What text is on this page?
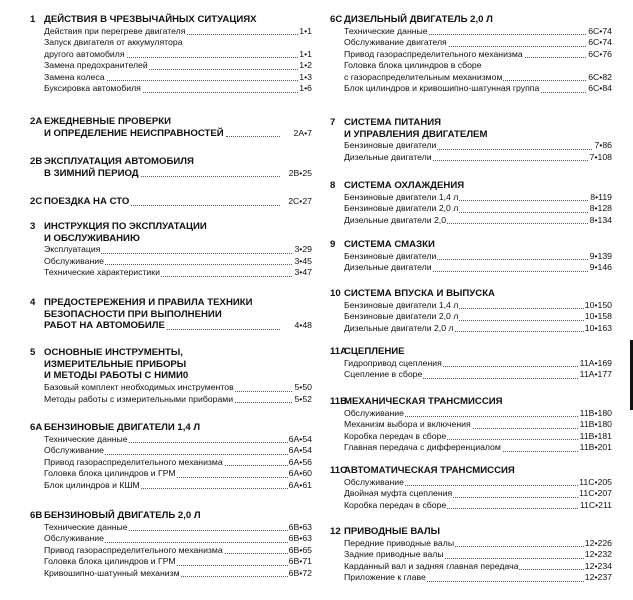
1 ДЕЙСТВИЯ В ЧРЕЗВЫЧАЙНЫХ СИТУАЦИЯХ
Действия при перегреве двигателя	1•1
Запуск двигателя от аккумулятора
другого автомобиля	1•1
Замена предохранителей	1•2
Замена колеса	1•3
Буксировка автомобиля	1•6
2A ЕЖЕДНЕВНЫЕ ПРОВЕРКИ
И ОПРЕДЕЛЕНИЕ НЕИСПРАВНОСТЕЙ	2A•7
2B ЭКСПЛУАТАЦИЯ АВТОМОБИЛЯ
В ЗИМНИЙ ПЕРИОД	2B•25
2C ПОЕЗДКА НА СТО	2C•27
3 ИНСТРУКЦИЯ ПО ЭКСПЛУАТАЦИИ
И ОБСЛУЖИВАНИЮ
Эксплуатация	3•29
Обслуживание	3•45
Технические характеристики	3•47
4 ПРЕДОСТЕРЕЖЕНИЯ И ПРАВИЛА ТЕХНИКИ
БЕЗОПАСНОСТИ ПРИ ВЫПОЛНЕНИИ
РАБОТ НА АВТОМОБИЛЕ	4•48
5 ОСНОВНЫЕ ИНСТРУМЕНТЫ,
ИЗМЕРИТЕЛЬНЫЕ ПРИБОРЫ
И МЕТОДЫ РАБОТЫ С НИМИ0
Базовый комплект необходимых инструментов	5•50
Методы работы с измерительными приборами	5•52
6A БЕНЗИНОВЫЕ ДВИГАТЕЛИ 1,4 Л
Технические данные	6A•54
Обслуживание	6A•54
Привод газораспределительного механизма	6A•56
Головка блока цилиндров и ГРМ	6A•60
Блок цилиндров и КШМ	6A•61
6B БЕНЗИНОВЫЙ ДВИГАТЕЛЬ 2,0 Л
Технические данные	6B•63
Обслуживание	6B•63
Привод газораспределительного механизма	6B•65
Головка блока цилиндров и ГРМ	6B•71
Кривошипно-шатунный механизм	6B•72
6C ДИЗЕЛЬНЫЙ ДВИГАТЕЛЬ 2,0 Л
Технические данные	6C•74
Обслуживание двигателя	6C•74
Привод газораспределительного механизма	6C•76
Головка блока цилиндров в сборе
с газораспределительным механизмом	6C•82
Блок цилиндров и кривошипно-шатунная группа	6C•84
7 СИСТЕМА ПИТАНИЯ
И УПРАВЛЕНИЯ ДВИГАТЕЛЕМ
Бензиновые двигатели	7•86
Дизельные двигатели	7•108
8 СИСТЕМА ОХЛАЖДЕНИЯ
Бензиновые двигатели 1,4 л	8•119
Бензиновые двигатели 2,0 л	8•128
Дизельные двигатели 2,0	8•134
9 СИСТЕМА СМАЗКИ
Бензиновые двигатели	9•139
Дизельные двигатели	9•146
10 СИСТЕМА ВПУСКА И ВЫПУСКА
Бензиновые двигатели 1,4 л	10•150
Бензиновые двигатели 2,0 л	10•158
Дизельные двигатели 2,0 л	10•163
11A
СЦЕПЛЕНИЕ
Гидропривод сцепления	11A•169
Сцепление в сборе	11A•177
11B
МЕХАНИЧЕСКАЯ ТРАНСМИССИЯ
Обслуживание	11B•180
Механизм выбора и включения	11B•180
Коробка передач в сборе	11B•181
Главная передача с дифференциалом	11B•201
11C
АВТОМАТИЧЕСКАЯ ТРАНСМИССИЯ
Обслуживание	11C•205
Двойная муфта сцепления	11C•207
Коробка передач в сборе	11C•211
12 ПРИВОДНЫЕ ВАЛЫ
Передние приводные валы	12•226
Задние приводные валы	12•232
Карданный вал и задняя главная передача	12•234
Приложение к главе	12•237
